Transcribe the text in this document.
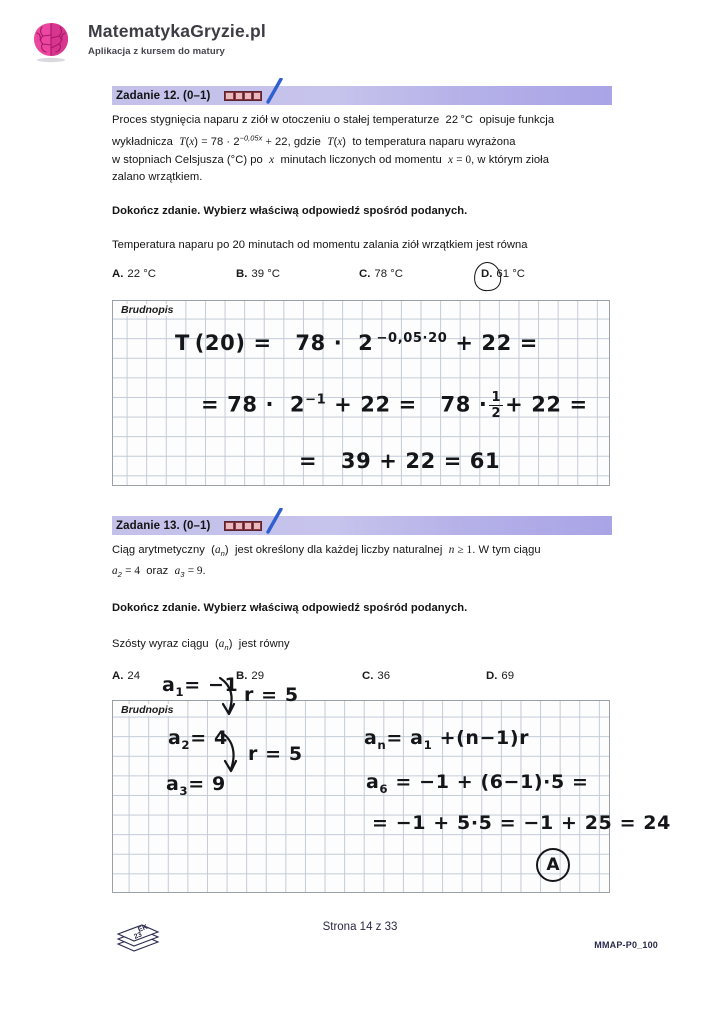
MatematykaGryzie.pl
Aplikacja z kursem do matury
Zadanie 12. (0–1)
Proces stygnięcia naparu z ziół w otoczeniu o stałej temperaturze  22 °C  opisuje funkcja
wykładnicza  $T(x) = 78 \cdot 2^{-0,05x} + 22$, gdzie  T(x)  to temperatura naparu wyrażona
w stopniach Celsjusza (°C) po  x  minutach liczonych od momentu  x = 0, w którym zioła
zalano wrzątkiem.
Dokończ zdanie. Wybierz właściwą odpowiedź spośród podanych.
Temperatura naparu po 20 minutach od momentu zalania ziół wrzątkiem jest równa
A. 22 °C	B. 39 °C	C. 78 °C	D. 61 °C
Brudnopis
T (20) =   78 ·  2 $^{-0,05\cdot 20}$ + 22 =
= $78 \cdot 2^{-1} + 22 = 78 \cdot \frac{1}{2} + 22$ =
=   39 + 22 = 61
Zadanie 13. (0–1)
Ciąg arytmetyczny  $(a_n)$  jest określony dla każdej liczby naturalnej  n ≥ 1. W tym ciągu
$a_2 = 4$  oraz  $a_3 = 9$.
Dokończ zdanie. Wybierz właściwą odpowiedź spośród podanych.
Szósty wyraz ciągu  $(a_n)$  jest równy
A. 24	B. 29	C. 36	D. 69
Brudnopis
$a_1= -1$ r = 5
$a_2= 4$
r = 5
$a_3= 9$
$a_n= a_1 +(n-1)r$
$a_6 = -1 + (6-1)\cdot 5$ =
= −1 + 5·5 = −1 + 25 = 24
A
23
EK	Strona 14 z 33
MMAP-P0_100
